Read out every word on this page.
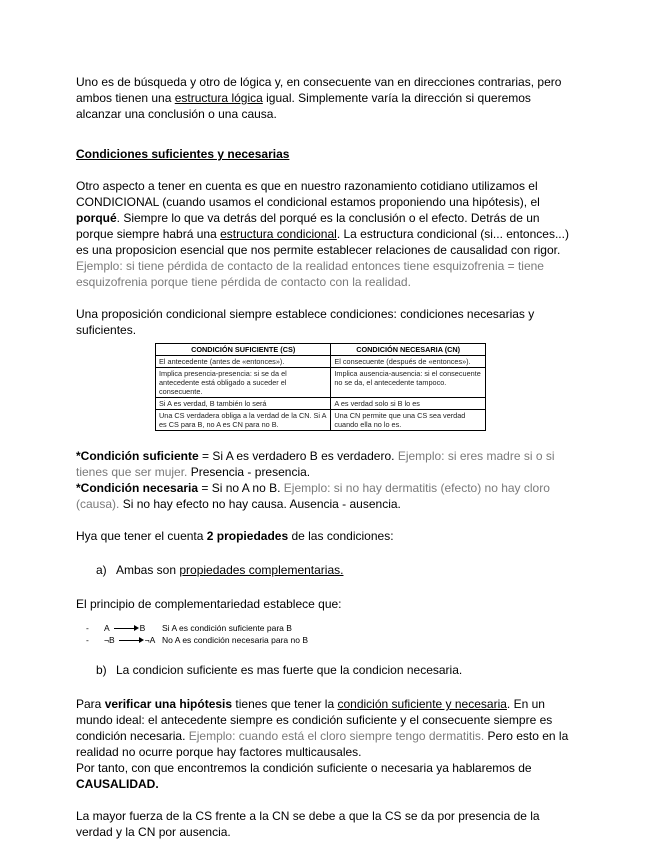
Uno es de búsqueda y otro de lógica y, en consecuente van en direcciones contrarias, pero ambos tienen una estructura lógica igual. Simplemente varía la dirección si queremos alcanzar una conclusión o una causa.

Condiciones suficientes y necesarias

Otro aspecto a tener en cuenta es que en nuestro razonamiento cotidiano utilizamos el CONDICIONAL (cuando usamos el condicional estamos proponiendo una hipótesis), el porqué. Siempre lo que va detrás del porqué es la conclusión o el efecto. Detrás de un porque siempre habrá una estructura condicional. La estructura condicional (si... entonces...) es una proposicion esencial que nos permite establecer relaciones de causalidad con rigor. Ejemplo: si tiene pérdida de contacto de la realidad entonces tiene esquizofrenia = tiene esquizofrenia porque tiene pérdida de contacto con la realidad.

Una proposición condicional siempre establece condiciones: condiciones necesarias y suficientes.

CONDICIÓN SUFICIENTE (CS)	CONDICIÓN NECESARIA (CN)
El antecedente (antes de «entonces»).	El consecuente (después de «entonces»).
Implica presencia-presencia: si se da el antecedente está obligado a suceder el consecuente.	Implica ausencia-ausencia: si el consecuente no se da, el antecedente tampoco.
Si A es verdad, B también lo será	A es verdad solo si B lo es
Una CS verdadera obliga a la verdad de la CN. Si A es CS para B, no A es CN para no B.	Una CN permite que una CS sea verdad cuando ella no lo es.

*Condición suficiente = Si A es verdadero B es verdadero. Ejemplo: si eres madre si o si tienes que ser mujer. Presencia - presencia.

*Condición necesaria = Si no A no B. Ejemplo: si no hay dermatitis (efecto) no hay cloro (causa). Si no hay efecto no hay causa. Ausencia - ausencia.

Hya que tener el cuenta 2 propiedades de las condiciones:

a) Ambas son propiedades complementarias.

El principio de complementariedad establece que:

-	A	B Si A es condición suficiente para B
-	¬B	¬A No A es condición necesaria para no B

b) La condicion suficiente es mas fuerte que la condicion necesaria.

Para verificar una hipótesis tienes que tener la condición suficiente y necesaria. En un mundo ideal: el antecedente siempre es condición suficiente y el consecuente siempre es condición necesaria. Ejemplo: cuando está el cloro siempre tengo dermatitis. Pero esto en la realidad no ocurre porque hay factores multicausales.

Por tanto, con que encontremos la condición suficiente o necesaria ya hablaremos de CAUSALIDAD.

La mayor fuerza de la CS frente a la CN se debe a que la CS se da por presencia de la verdad y la CN por ausencia.
